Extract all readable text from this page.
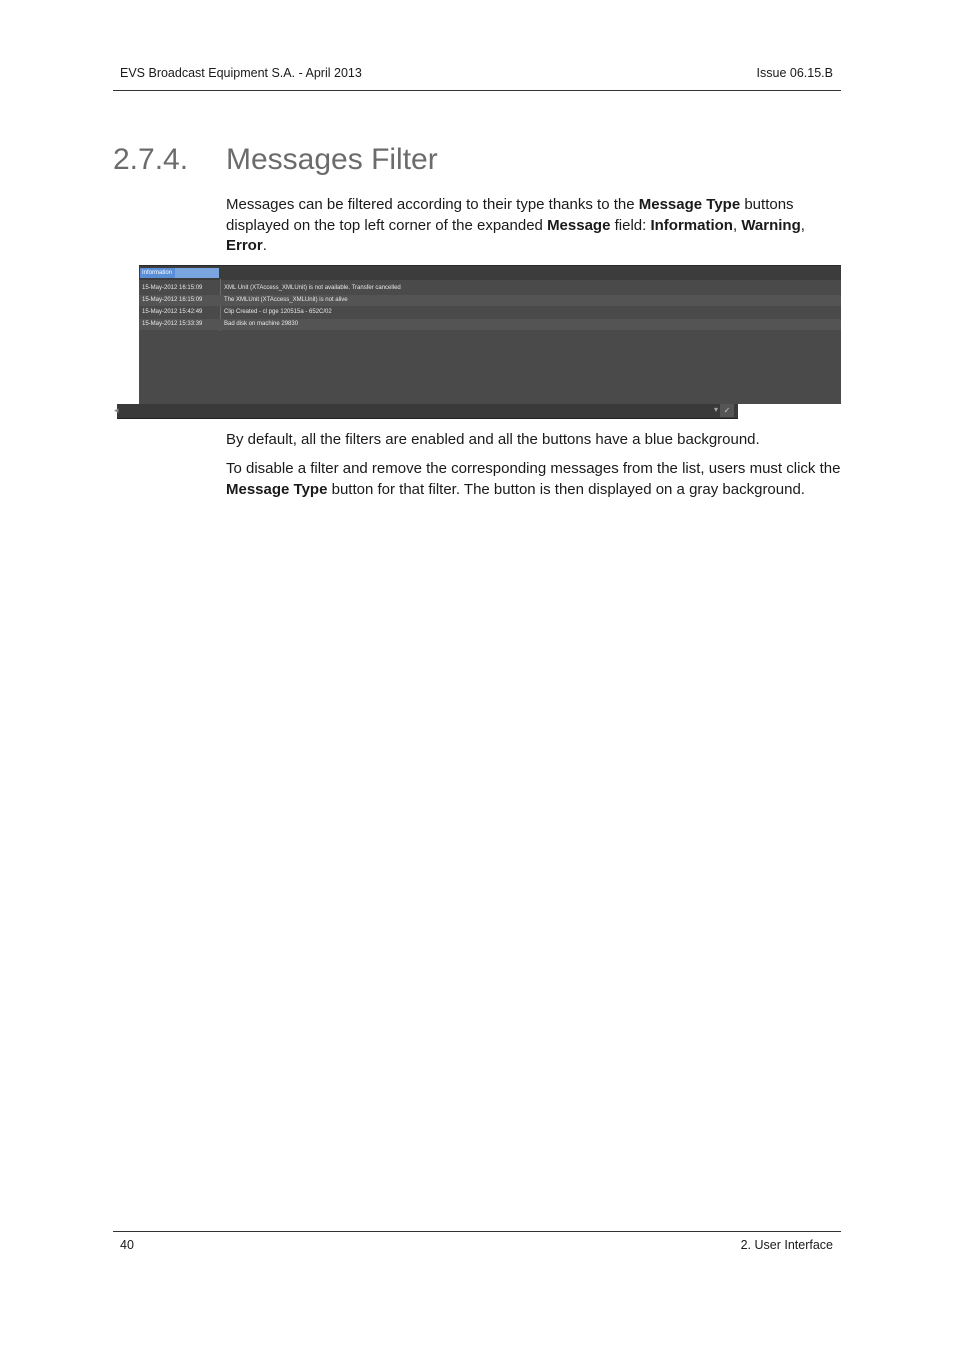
EVS Broadcast Equipment S.A. - April 2013	Issue 06.15.B
2.7.4. Messages Filter

Messages can be filtered according to their type thanks to the Message Type buttons displayed on the top left corner of the expanded Message field: Information, Warning, Error.

Information
15-May-2012 16:15:09	XML Unit (XTAccess_XMLUnit) is not available. Transfer cancelled
15-May-2012 16:15:09	The XMLUnit (XTAccess_XMLUnit) is not alive
15-May-2012 15:42:49	Clip Created - cl pge 120515a - 652C/02
15-May-2012 15:33:39	Bad disk on machine 29830
◂	▾ ✓

By default, all the filters are enabled and all the buttons have a blue background.

To disable a filter and remove the corresponding messages from the list, users must click the Message Type button for that filter. The button is then displayed on a gray background.

40	2. User Interface
